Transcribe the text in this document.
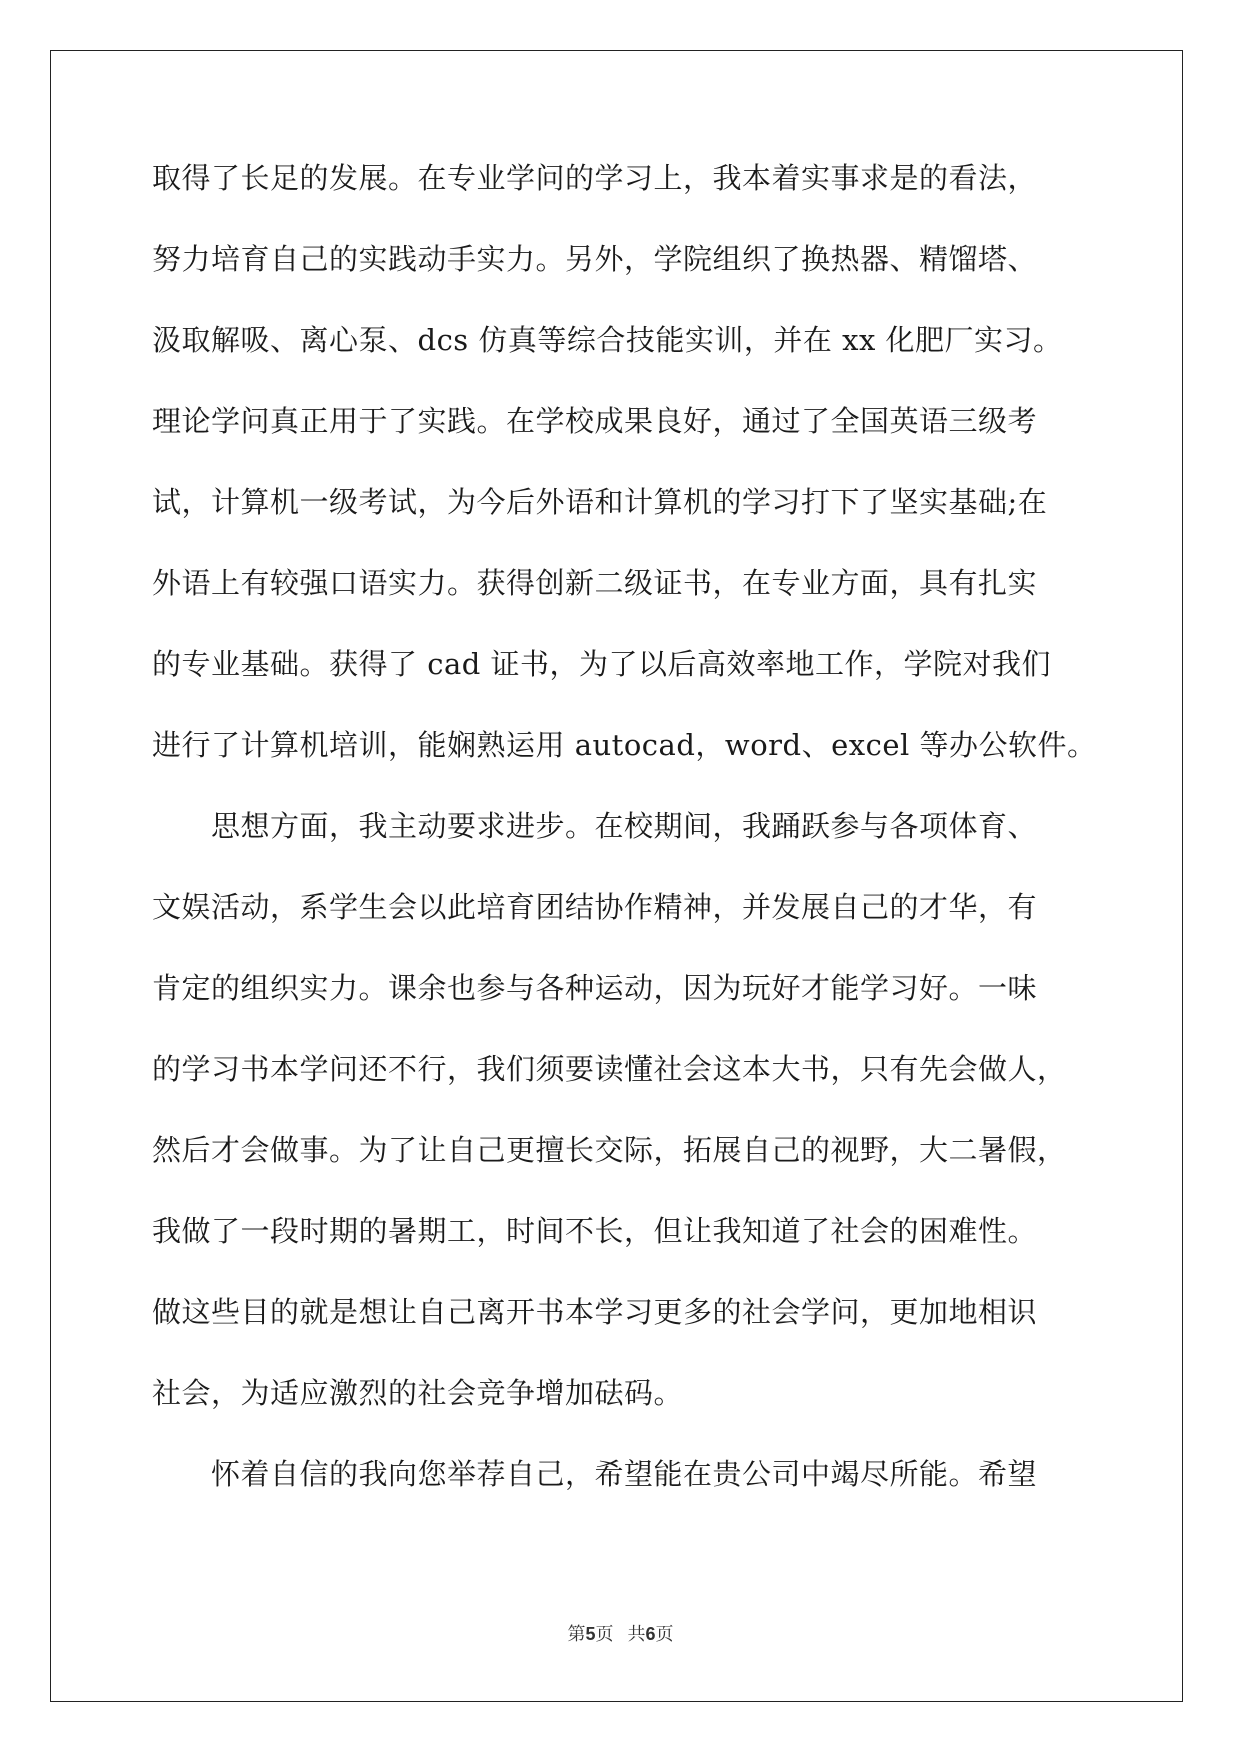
取得了长足的发展。在专业学问的学习上，我本着实事求是的看法，
努力培育自己的实践动手实力。另外，学院组织了换热器、精馏塔、
汲取解吸、离心泵、dcs 仿真等综合技能实训，并在 xx 化肥厂实习。
理论学问真正用于了实践。在学校成果良好，通过了全国英语三级考
试，计算机一级考试，为今后外语和计算机的学习打下了坚实基础;在
外语上有较强口语实力。获得创新二级证书，在专业方面，具有扎实
的专业基础。获得了 cad 证书，为了以后高效率地工作，学院对我们
进行了计算机培训，能娴熟运用 autocad，word、excel 等办公软件。
　　思想方面，我主动要求进步。在校期间，我踊跃参与各项体育、
文娱活动，系学生会以此培育团结协作精神，并发展自己的才华，有
肯定的组织实力。课余也参与各种运动，因为玩好才能学习好。一味
的学习书本学问还不行，我们须要读懂社会这本大书，只有先会做人，
然后才会做事。为了让自己更擅长交际，拓展自己的视野，大二暑假，
我做了一段时期的暑期工，时间不长，但让我知道了社会的困难性。
做这些目的就是想让自己离开书本学习更多的社会学问，更加地相识
社会，为适应激烈的社会竞争增加砝码。
　　怀着自信的我向您举荐自己，希望能在贵公司中竭尽所能。希望
第5页 共6页
